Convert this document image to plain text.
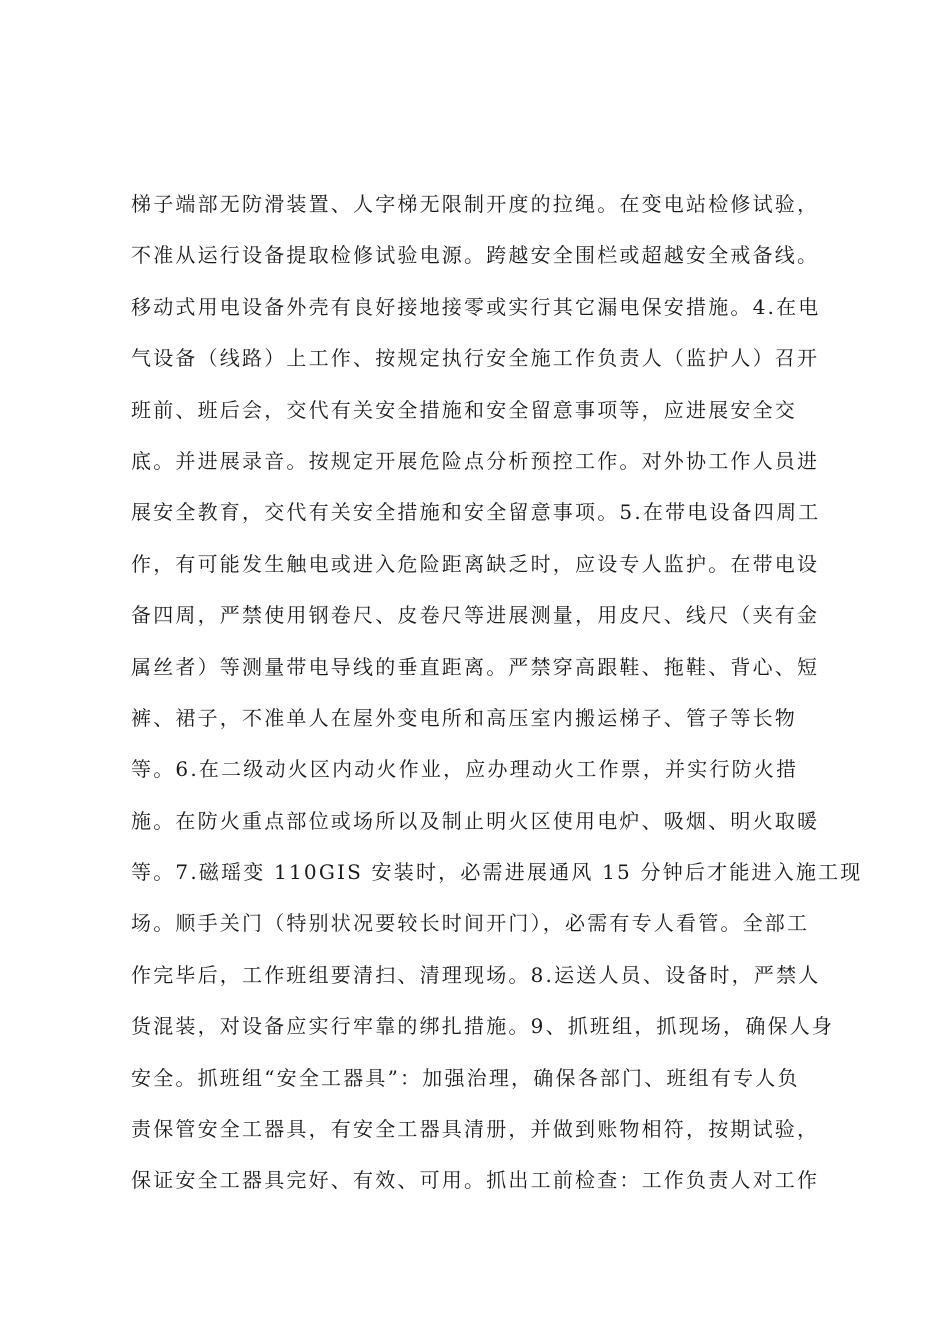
梯子端部无防滑装置、人字梯无限制开度的拉绳。在变电站检修试验，
不准从运行设备提取检修试验电源。跨越安全围栏或超越安全戒备线。
移动式用电设备外壳有良好接地接零或实行其它漏电保安措施。4.在电
气设备（线路）上工作、按规定执行安全施工作负责人（监护人）召开
班前、班后会，交代有关安全措施和安全留意事项等，应进展安全交
底。并进展录音。按规定开展危险点分析预控工作。对外协工作人员进
展安全教育，交代有关安全措施和安全留意事项。5.在带电设备四周工
作，有可能发生触电或进入危险距离缺乏时，应设专人监护。在带电设
备四周，严禁使用钢卷尺、皮卷尺等进展测量，用皮尺、线尺（夹有金
属丝者）等测量带电导线的垂直距离。严禁穿高跟鞋、拖鞋、背心、短
裤、裙子，不准单人在屋外变电所和高压室内搬运梯子、管子等长物
等。6.在二级动火区内动火作业，应办理动火工作票，并实行防火措
施。在防火重点部位或场所以及制止明火区使用电炉、吸烟、明火取暖
等。7.磁瑶变 110GIS 安装时，必需进展通风 15 分钟后才能进入施工现
场。顺手关门（特别状况要较长时间开门），必需有专人看管。全部工
作完毕后，工作班组要清扫、清理现场。8.运送人员、设备时，严禁人
货混装，对设备应实行牢靠的绑扎措施。9、抓班组，抓现场，确保人身
安全。抓班组“安全工器具”：加强治理，确保各部门、班组有专人负
责保管安全工器具，有安全工器具清册，并做到账物相符，按期试验，
保证安全工器具完好、有效、可用。抓出工前检查：工作负责人对工作
